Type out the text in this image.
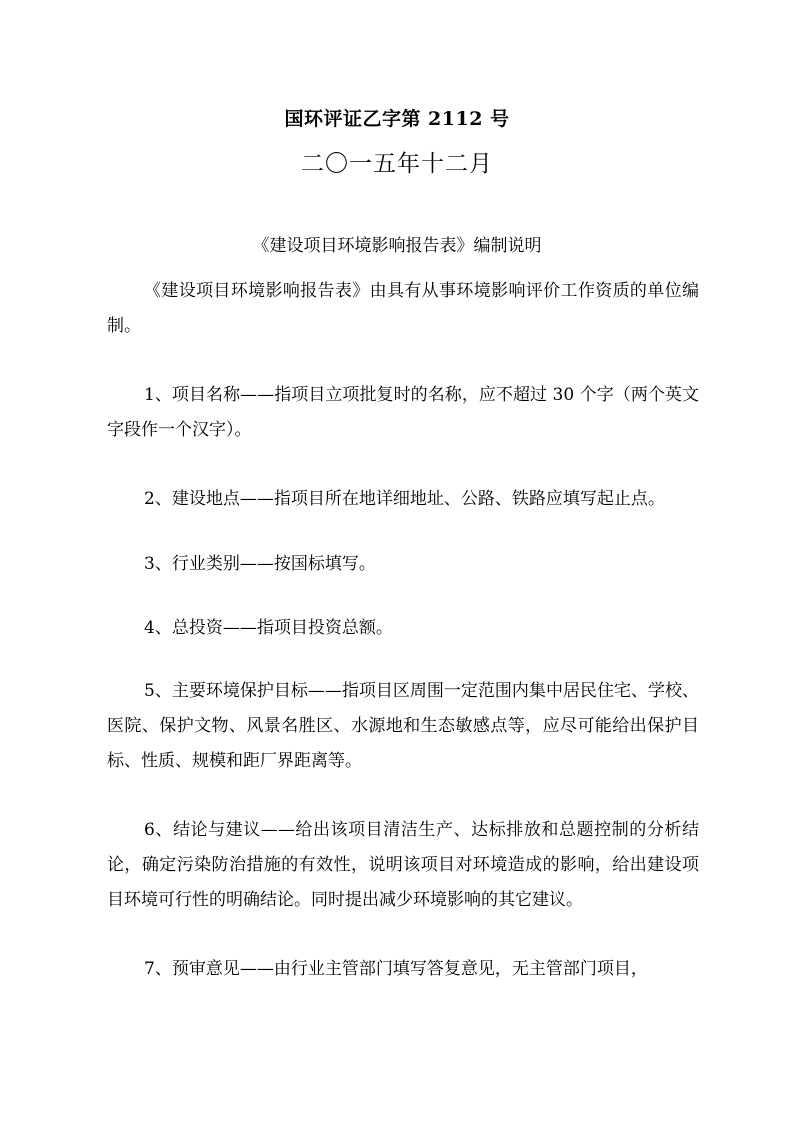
国环评证乙字第 2112 号
二〇一五年十二月
《建设项目环境影响报告表》编制说明

《建设项目环境影响报告表》由具有从事环境影响评价工作资质的单位编制。

1、项目名称——指项目立项批复时的名称，应不超过 30 个字（两个英文字段作一个汉字）。

2、建设地点——指项目所在地详细地址、公路、铁路应填写起止点。

3、行业类别——按国标填写。

4、总投资——指项目投资总额。

5、主要环境保护目标——指项目区周围一定范围内集中居民住宅、学校、医院、保护文物、风景名胜区、水源地和生态敏感点等，应尽可能给出保护目标、性质、规模和距厂界距离等。

6、结论与建议——给出该项目清洁生产、达标排放和总题控制的分析结论，确定污染防治措施的有效性，说明该项目对环境造成的影响，给出建设项目环境可行性的明确结论。同时提出减少环境影响的其它建议。

7、预审意见——由行业主管部门填写答复意见，无主管部门项目，
